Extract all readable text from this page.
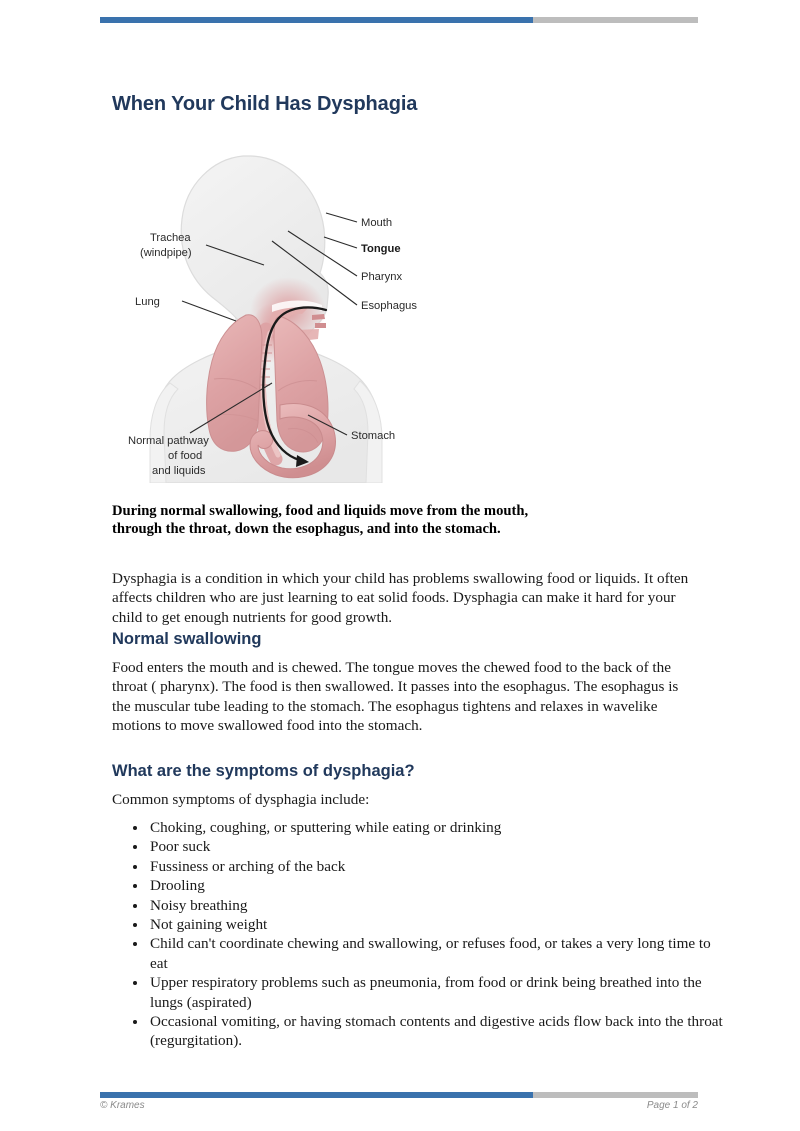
When Your Child Has Dysphagia
Mouth
Tongue
Pharynx
Esophagus
Trachea
(windpipe)
Lung
Stomach
Normal pathway
of food
and liquids

During normal swallowing, food and liquids move from the mouth, through the throat, down the esophagus, and into the stomach.

Dysphagia is a condition in which your child has problems swallowing food or liquids. It often affects children who are just learning to eat solid foods. Dysphagia can make it hard for your child to get enough nutrients for good growth.

Normal swallowing

Food enters the mouth and is chewed. The tongue moves the chewed food to the back of the throat ( pharynx). The food is then swallowed. It passes into the esophagus. The esophagus is the muscular tube leading to the stomach. The esophagus tightens and relaxes in wavelike motions to move swallowed food into the stomach.

What are the symptoms of dysphagia?

Common symptoms of dysphagia include:

• Choking, coughing, or sputtering while eating or drinking
• Poor suck
• Fussiness or arching of the back
• Drooling
• Noisy breathing
• Not gaining weight
• Child can't coordinate chewing and swallowing, or refuses food, or takes a very long time to eat
• Upper respiratory problems such as pneumonia, from food or drink being breathed into the lungs (aspirated)
• Occasional vomiting, or having stomach contents and digestive acids flow back into the throat (regurgitation).
© Krames	Page 1 of 2
